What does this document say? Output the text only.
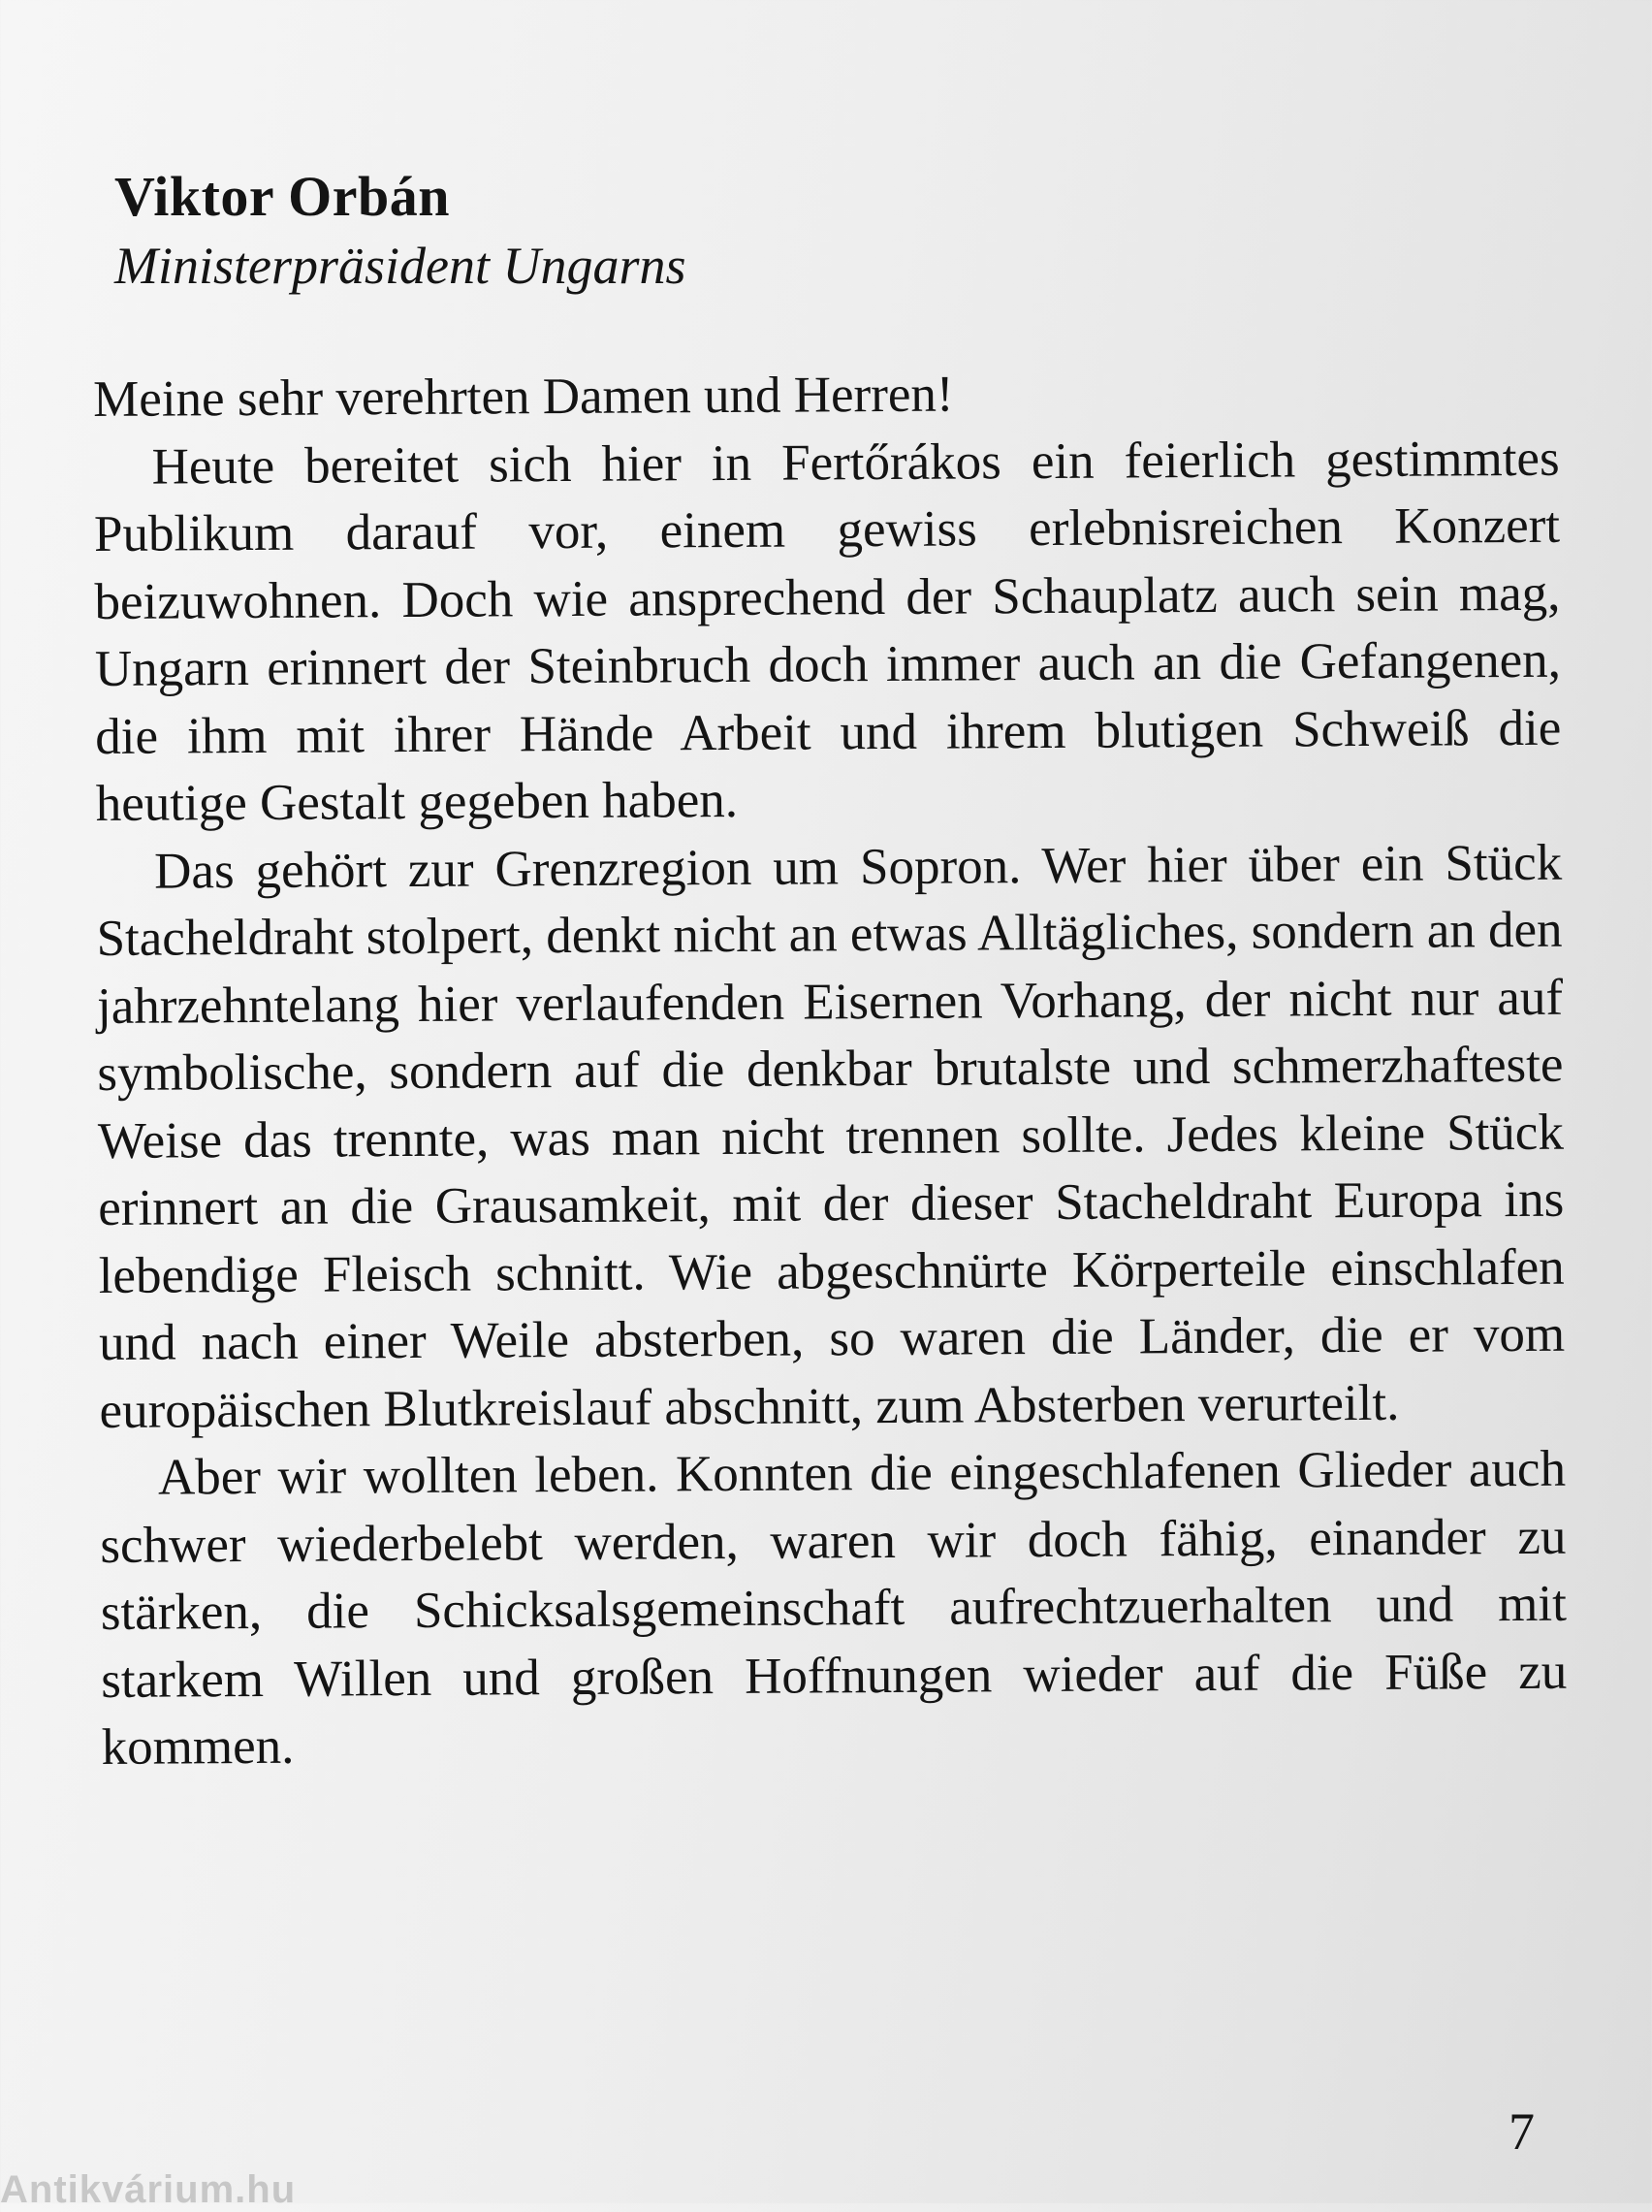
Viktor Orbán

Ministerpräsident Ungarns

Meine sehr verehrten Damen und Herren!

Heute bereitet sich hier in Fertőrákos ein feierlich gestimmtes Publikum darauf vor, einem gewiss erlebnisreichen Konzert beizuwohnen. Doch wie ansprechend der Schauplatz auch sein mag, Ungarn erinnert der Steinbruch doch immer auch an die Gefangenen, die ihm mit ihrer Hände Arbeit und ihrem blutigen Schweiß die heutige Gestalt gegeben haben.

Das gehört zur Grenzregion um Sopron. Wer hier über ein Stück Stacheldraht stolpert, denkt nicht an etwas Alltägliches, sondern an den jahrzehntelang hier verlaufenden Eisernen Vorhang, der nicht nur auf symbolische, sondern auf die denkbar brutalste und schmerzhafteste Weise das trennte, was man nicht trennen sollte. Jedes kleine Stück erinnert an die Grausamkeit, mit der dieser Stacheldraht Europa ins lebendige Fleisch schnitt. Wie abgeschnürte Körperteile einschlafen und nach einer Weile absterben, so waren die Länder, die er vom europäischen Blutkreislauf abschnitt, zum Absterben verurteilt.

Aber wir wollten leben. Konnten die eingeschlafenen Glieder auch schwer wiederbelebt werden, waren wir doch fähig, einander zu stärken, die Schicksalsgemeinschaft aufrechtzuerhalten und mit starkem Willen und großen Hoffnungen wieder auf die Füße zu kommen.

7
Antikvárium.hu
